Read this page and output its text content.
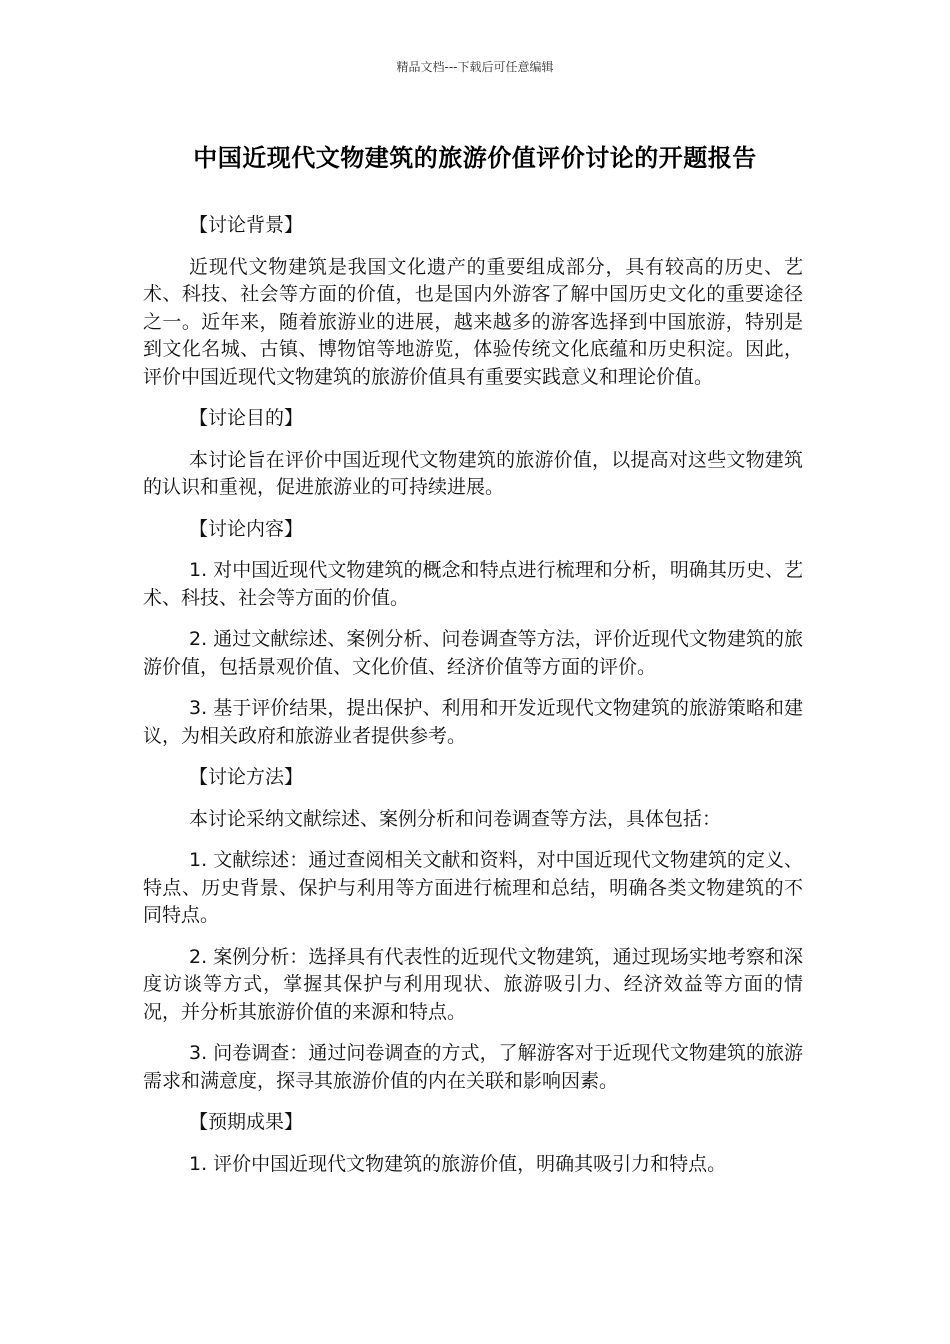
精品文档---下载后可任意编辑
中国近现代文物建筑的旅游价值评价讨论的开题报告
【讨论背景】

近现代文物建筑是我国文化遗产的重要组成部分，具有较高的历史、艺术、科技、社会等方面的价值，也是国内外游客了解中国历史文化的重要途径之一。近年来，随着旅游业的进展，越来越多的游客选择到中国旅游，特别是到文化名城、古镇、博物馆等地游览，体验传统文化底蕴和历史积淀。因此，评价中国近现代文物建筑的旅游价值具有重要实践意义和理论价值。

【讨论目的】

本讨论旨在评价中国近现代文物建筑的旅游价值，以提高对这些文物建筑的认识和重视，促进旅游业的可持续进展。

【讨论内容】

1. 对中国近现代文物建筑的概念和特点进行梳理和分析，明确其历史、艺术、科技、社会等方面的价值。

2. 通过文献综述、案例分析、问卷调查等方法，评价近现代文物建筑的旅游价值，包括景观价值、文化价值、经济价值等方面的评价。

3. 基于评价结果，提出保护、利用和开发近现代文物建筑的旅游策略和建议，为相关政府和旅游业者提供参考。

【讨论方法】

本讨论采纳文献综述、案例分析和问卷调查等方法，具体包括：

1. 文献综述：通过查阅相关文献和资料，对中国近现代文物建筑的定义、特点、历史背景、保护与利用等方面进行梳理和总结，明确各类文物建筑的不同特点。

2. 案例分析：选择具有代表性的近现代文物建筑，通过现场实地考察和深度访谈等方式，掌握其保护与利用现状、旅游吸引力、经济效益等方面的情况，并分析其旅游价值的来源和特点。

3. 问卷调查：通过问卷调查的方式，了解游客对于近现代文物建筑的旅游需求和满意度，探寻其旅游价值的内在关联和影响因素。

【预期成果】

1. 评价中国近现代文物建筑的旅游价值，明确其吸引力和特点。
